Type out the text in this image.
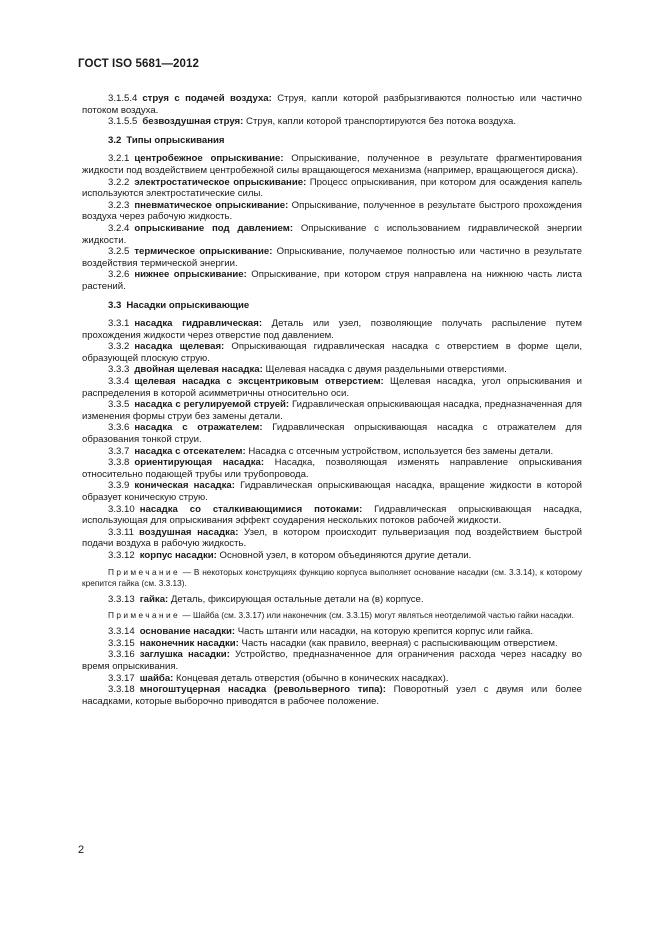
ГОСТ ISO 5681—2012
3.1.5.4 струя с подачей воздуха: Струя, капли которой разбрызгиваются полностью или частично потоком воздуха.
3.1.5.5 безвоздушная струя: Струя, капли которой транспортируются без потока воздуха.
3.2 Типы опрыскивания
3.2.1 центробежное опрыскивание: Опрыскивание, полученное в результате фрагментирования жидкости под воздействием центробежной силы вращающегося механизма (например, вращающегося диска).
3.2.2 электростатическое опрыскивание: Процесс опрыскивания, при котором для осаждения капель используются электростатические силы.
3.2.3 пневматическое опрыскивание: Опрыскивание, полученное в результате быстрого прохождения воздуха через рабочую жидкость.
3.2.4 опрыскивание под давлением: Опрыскивание с использованием гидравлической энергии жидкости.
3.2.5 термическое опрыскивание: Опрыскивание, получаемое полностью или частично в результате воздействия термической энергии.
3.2.6 нижнее опрыскивание: Опрыскивание, при котором струя направлена на нижнюю часть листа растений.
3.3 Насадки опрыскивающие
3.3.1 насадка гидравлическая: Деталь или узел, позволяющие получать распыление путем прохождения жидкости через отверстие под давлением.
3.3.2 насадка щелевая: Опрыскивающая гидравлическая насадка с отверстием в форме щели, образующей плоскую струю.
3.3.3 двойная щелевая насадка: Щелевая насадка с двумя раздельными отверстиями.
3.3.4 щелевая насадка с эксцентриковым отверстием: Щелевая насадка, угол опрыскивания и распределения в которой асимметричны относительно оси.
3.3.5 насадка с регулируемой струей: Гидравлическая опрыскивающая насадка, предназначенная для изменения формы струи без замены детали.
3.3.6 насадка с отражателем: Гидравлическая опрыскивающая насадка с отражателем для образования тонкой струи.
3.3.7 насадка с отсекателем: Насадка с отсечным устройством, используется без замены детали.
3.3.8 ориентирующая насадка: Насадка, позволяющая изменять направление опрыскивания относительно подающей трубы или трубопровода.
3.3.9 коническая насадка: Гидравлическая опрыскивающая насадка, вращение жидкости в которой образует коническую струю.
3.3.10 насадка со сталкивающимися потоками: Гидравлическая опрыскивающая насадка, использующая для опрыскивания эффект соударения нескольких потоков рабочей жидкости.
3.3.11 воздушная насадка: Узел, в котором происходит пульверизация под воздействием быстрой подачи воздуха в рабочую жидкость.
3.3.12 корпус насадки: Основной узел, в котором объединяются другие детали.
Примечание — В некоторых конструкциях функцию корпуса выполняет основание насадки (см. 3.3.14), к которому крепится гайка (см. 3.3.13).
3.3.13 гайка: Деталь, фиксирующая остальные детали на (в) корпусе.
Примечание — Шайба (см. 3.3.17) или наконечник (см. 3.3.15) могут являться неотделимой частью гайки насадки.
3.3.14 основание насадки: Часть штанги или насадки, на которую крепится корпус или гайка.
3.3.15 наконечник насадки: Часть насадки (как правило, веерная) с распыскивающим отверстием.
3.3.16 заглушка насадки: Устройство, предназначенное для ограничения расхода через насадку во время опрыскивания.
3.3.17 шайба: Концевая деталь отверстия (обычно в конических насадках).
3.3.18 многоштуцерная насадка (револьверного типа): Поворотный узел с двумя или более насадками, которые выборочно приводятся в рабочее положение.
2
